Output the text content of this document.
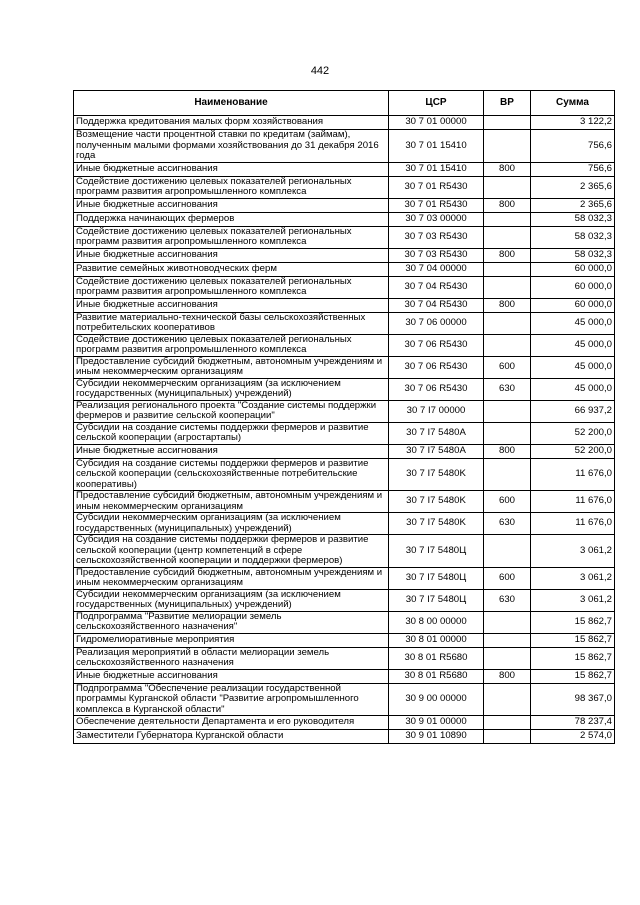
442
Наименование	ЦСР	ВР	Сумма
Поддержка кредитования малых форм хозяйствования	30 7 01 00000		3 122,2
Возмещение части процентной ставки по кредитам (займам), полученным малыми формами хозяйствования до 31 декабря 2016 года	30 7 01 15410		756,6
Иные бюджетные ассигнования	30 7 01 15410	800	756,6
Содействие достижению целевых показателей региональных программ развития агропромышленного комплекса	30 7 01 R5430		2 365,6
Иные бюджетные ассигнования	30 7 01 R5430	800	2 365,6
Поддержка начинающих фермеров	30 7 03 00000		58 032,3
Содействие достижению целевых показателей региональных программ развития агропромышленного комплекса	30 7 03 R5430		58 032,3
Иные бюджетные ассигнования	30 7 03 R5430	800	58 032,3
Развитие семейных животноводческих ферм	30 7 04 00000		60 000,0
Содействие достижению целевых показателей региональных программ развития агропромышленного комплекса	30 7 04 R5430		60 000,0
Иные бюджетные ассигнования	30 7 04 R5430	800	60 000,0
Развитие материально-технической базы сельскохозяйственных потребительских кооперативов	30 7 06 00000		45 000,0
Содействие достижению целевых показателей региональных программ развития агропромышленного комплекса	30 7 06 R5430		45 000,0
Предоставление субсидий бюджетным, автономным учреждениям и иным некоммерческим организациям	30 7 06 R5430	600	45 000,0
Субсидии некоммерческим организациям (за исключением государственных (муниципальных) учреждений)	30 7 06 R5430	630	45 000,0
Реализация регионального проекта "Создание системы поддержки фермеров и развитие сельской кооперации"	30 7 I7 00000		66 937,2
Субсидии на создание системы поддержки фермеров и развитие сельской кооперации (агростартапы)	30 7 I7 5480A		52 200,0
Иные бюджетные ассигнования	30 7 I7 5480A	800	52 200,0
Субсидия на создание системы поддержки фермеров и развитие сельской кооперации (сельскохозяйственные потребительские кооперативы)	30 7 I7 5480K		11 676,0
Предоставление субсидий бюджетным, автономным учреждениям и иным некоммерческим организациям	30 7 I7 5480K	600	11 676,0
Субсидии некоммерческим организациям (за исключением государственных (муниципальных) учреждений)	30 7 I7 5480K	630	11 676,0
Субсидия на создание системы поддержки фермеров и развитие сельской кооперации (центр компетенций в сфере сельскохозяйственной кооперации и поддержки фермеров)	30 7 I7 5480Ц		3 061,2
Предоставление субсидий бюджетным, автономным учреждениям и иным некоммерческим организациям	30 7 I7 5480Ц	600	3 061,2
Субсидии некоммерческим организациям (за исключением государственных (муниципальных) учреждений)	30 7 I7 5480Ц	630	3 061,2
Подпрограмма "Развитие мелиорации земель сельскохозяйственного назначения"	30 8 00 00000		15 862,7
Гидромелиоративные мероприятия	30 8 01 00000		15 862,7
Реализация мероприятий в области мелиорации земель сельскохозяйственного назначения	30 8 01 R5680		15 862,7
Иные бюджетные ассигнования	30 8 01 R5680	800	15 862,7
Подпрограмма "Обеспечение реализации государственной программы Курганской области "Развитие агропромышленного комплекса в Курганской области"	30 9 00 00000		98 367,0
Обеспечение деятельности Департамента и его руководителя	30 9 01 00000		78 237,4
Заместители Губернатора Курганской области	30 9 01 10890		2 574,0
